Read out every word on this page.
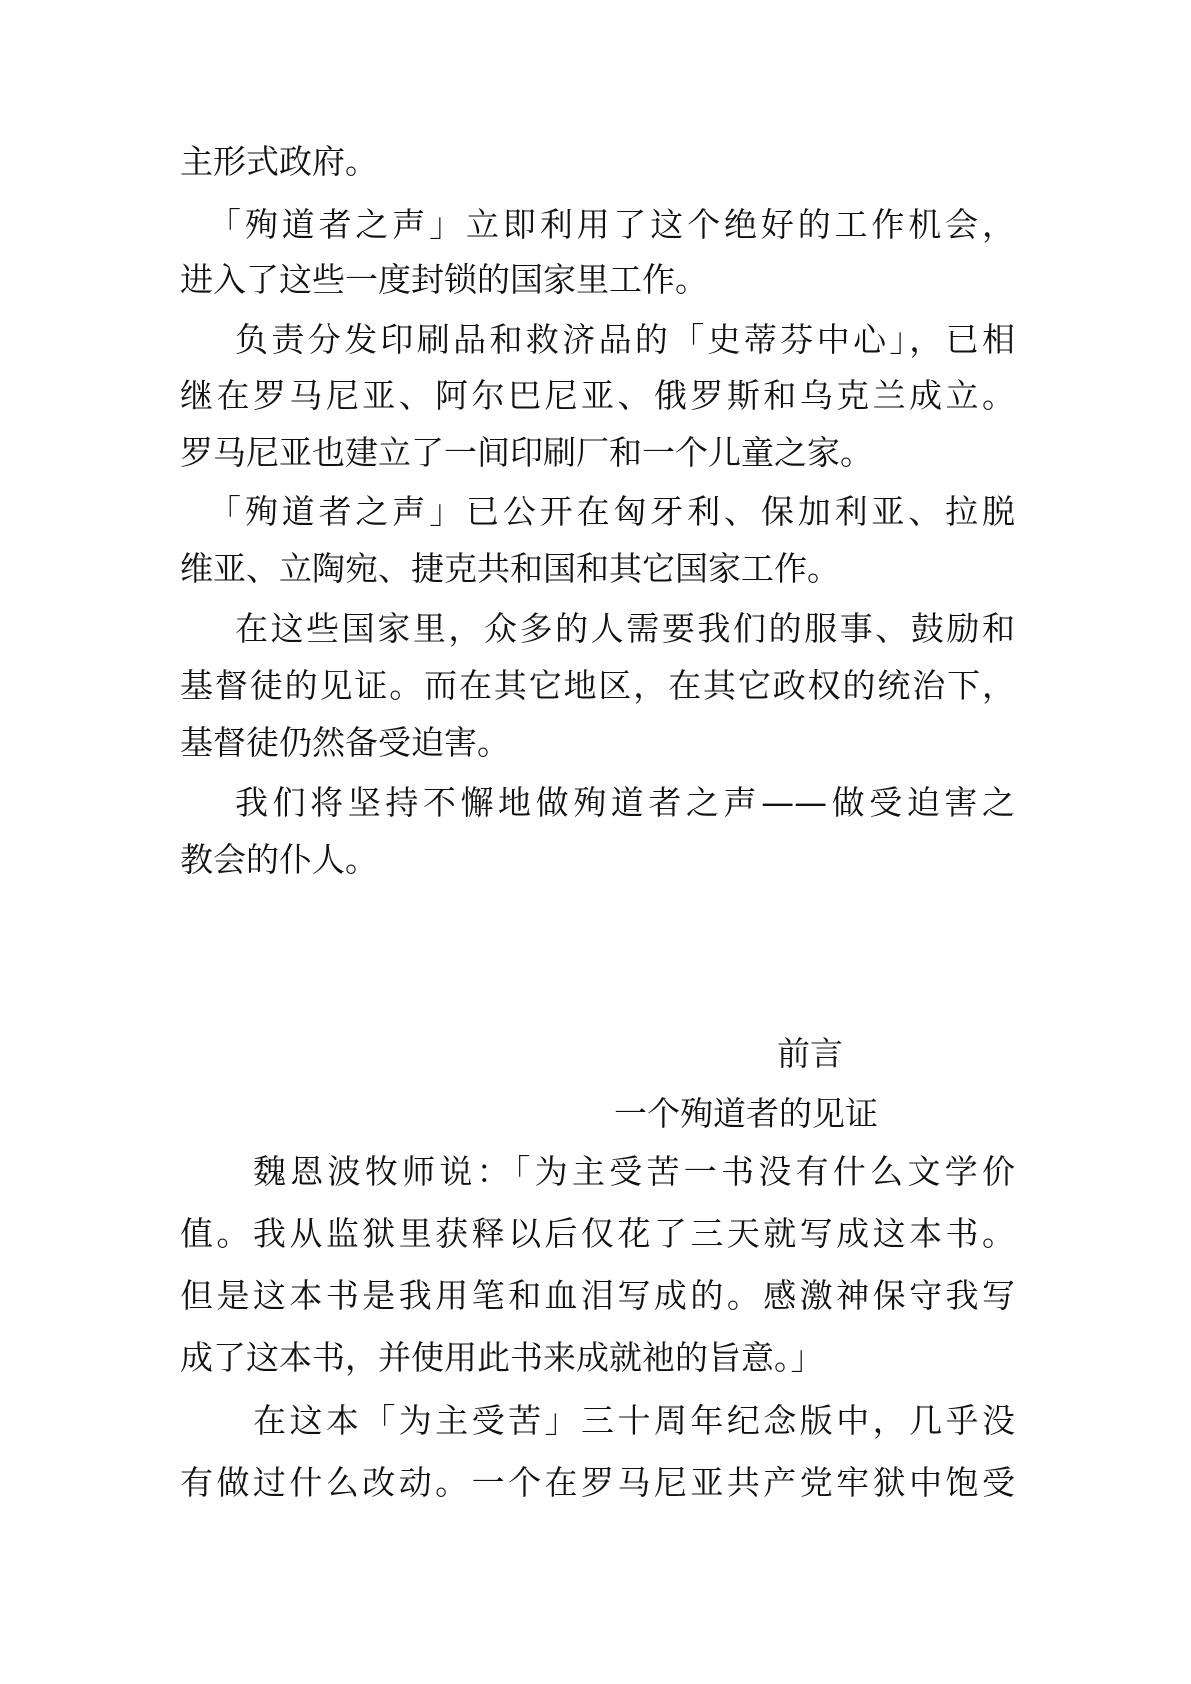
主形式政府。
「殉道者之声」立即利用了这个绝好的工作机会，
进入了这些一度封锁的国家里工作。
负责分发印刷品和救济品的「史蒂芬中心」，已相
继在罗马尼亚、阿尔巴尼亚、俄罗斯和乌克兰成立。
罗马尼亚也建立了一间印刷厂和一个儿童之家。
「殉道者之声」已公开在匈牙利、保加利亚、拉脱
维亚、立陶宛、捷克共和国和其它国家工作。
在这些国家里，众多的人需要我们的服事、鼓励和
基督徒的见证。而在其它地区，在其它政权的统治下，
基督徒仍然备受迫害。
我们将坚持不懈地做殉道者之声——做受迫害之
教会的仆人。
前言
一个殉道者的见证
魏恩波牧师说：「为主受苦一书没有什么文学价
值。我从监狱里获释以后仅花了三天就写成这本书。
但是这本书是我用笔和血泪写成的。感激神保守我写
成了这本书，并使用此书来成就祂的旨意。」
在这本「为主受苦」三十周年纪念版中，几乎没
有做过什么改动。一个在罗马尼亚共产党牢狱中饱受
